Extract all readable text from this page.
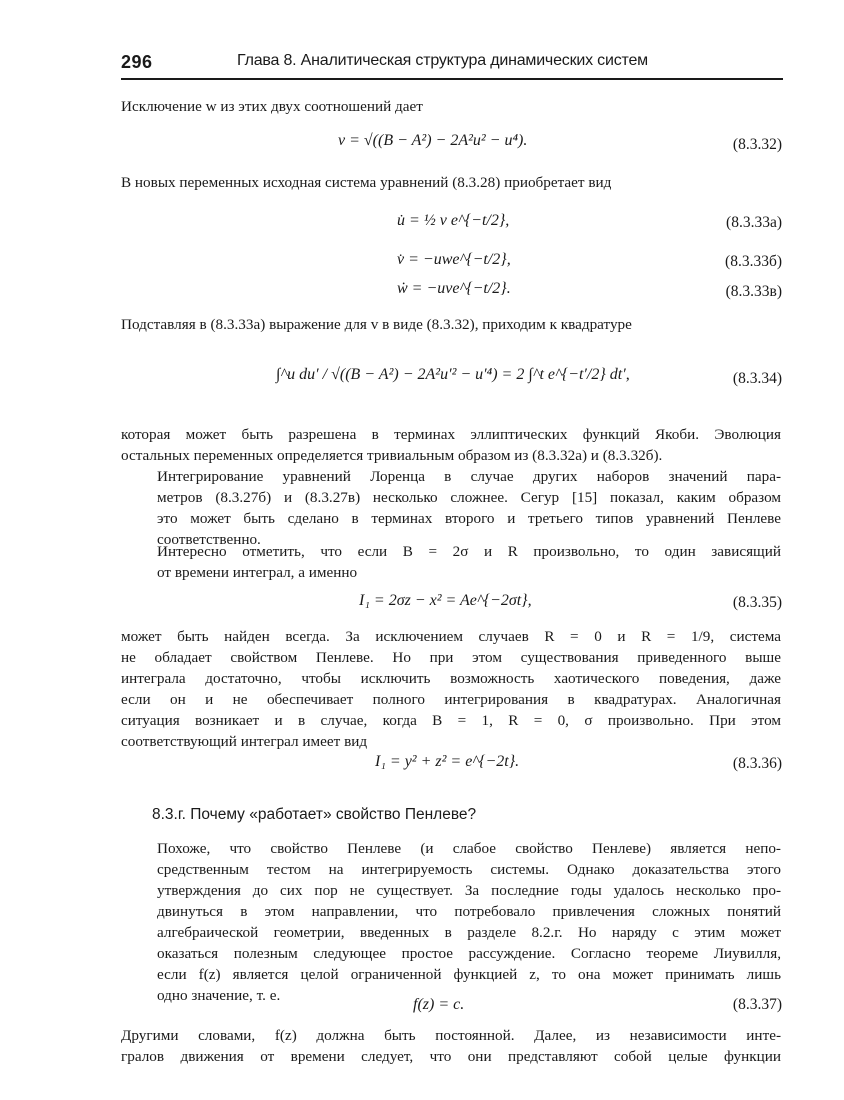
296	Глава 8. Аналитическая структура динамических систем

Исключение w из этих двух соотношений дает

v = √((B − A²) − 2A²u² − u⁴).	(8.3.32)

В новых переменных исходная система уравнений (8.3.28) приобретает вид

u̇ = ½ v e^{−t/2},	(8.3.33а)
v̇ = −uwe^{−t/2},	(8.3.33б)
ẇ = −uve^{−t/2}.	(8.3.33в)

Подставляя в (8.3.33а) выражение для v в виде (8.3.32), приходим к квадратуре

∫^u du′ / √((B − A²) − 2A²u′² − u′⁴) = 2 ∫^t e^{−t′/2} dt′,	(8.3.34)

которая может быть разрешена в терминах эллиптических функций Якоби. Эволюция
остальных переменных определяется тривиальным образом из (8.3.32а) и (8.3.32б).

Интегрирование уравнений Лоренца в случае других наборов значений пара-
метров (8.3.27б) и (8.3.27в) несколько сложнее. Сегур [15] показал, каким образом
это может быть сделано в терминах второго и третьего типов уравнений Пенлеве
соответственно.

Интересно отметить, что если B = 2σ и R произвольно, то один зависящий
от времени интеграл, а именно

I₁ = 2σz − x² = Ae^{−2σt},	(8.3.35)

может быть найден всегда. За исключением случаев R = 0 и R = 1/9, система
не обладает свойством Пенлеве. Но при этом существования приведенного выше
интеграла достаточно, чтобы исключить возможность хаотического поведения, даже
если он и не обеспечивает полного интегрирования в квадратурах. Аналогичная
ситуация возникает и в случае, когда B = 1, R = 0, σ произвольно. При этом
соответствующий интеграл имеет вид

I₁ = y² + z² = e^{−2t}.	(8.3.36)
8.3.г. Почему «работает» свойство Пенлеве?

Похоже, что свойство Пенлеве (и слабое свойство Пенлеве) является непо-
средственным тестом на интегрируемость системы. Однако доказательства этого
утверждения до сих пор не существует. За последние годы удалось несколько про-
двинуться в этом направлении, что потребовало привлечения сложных понятий
алгебраической геометрии, введенных в разделе 8.2.г. Но наряду с этим может
оказаться полезным следующее простое рассуждение. Согласно теореме Лиувилля,
если f(z) является целой ограниченной функцией z, то она может принимать лишь
одно значение, т. е.

f(z) = c.	(8.3.37)

Другими словами, f(z) должна быть постоянной. Далее, из независимости инте-
гралов движения от времени следует, что они представляют собой целые функции
